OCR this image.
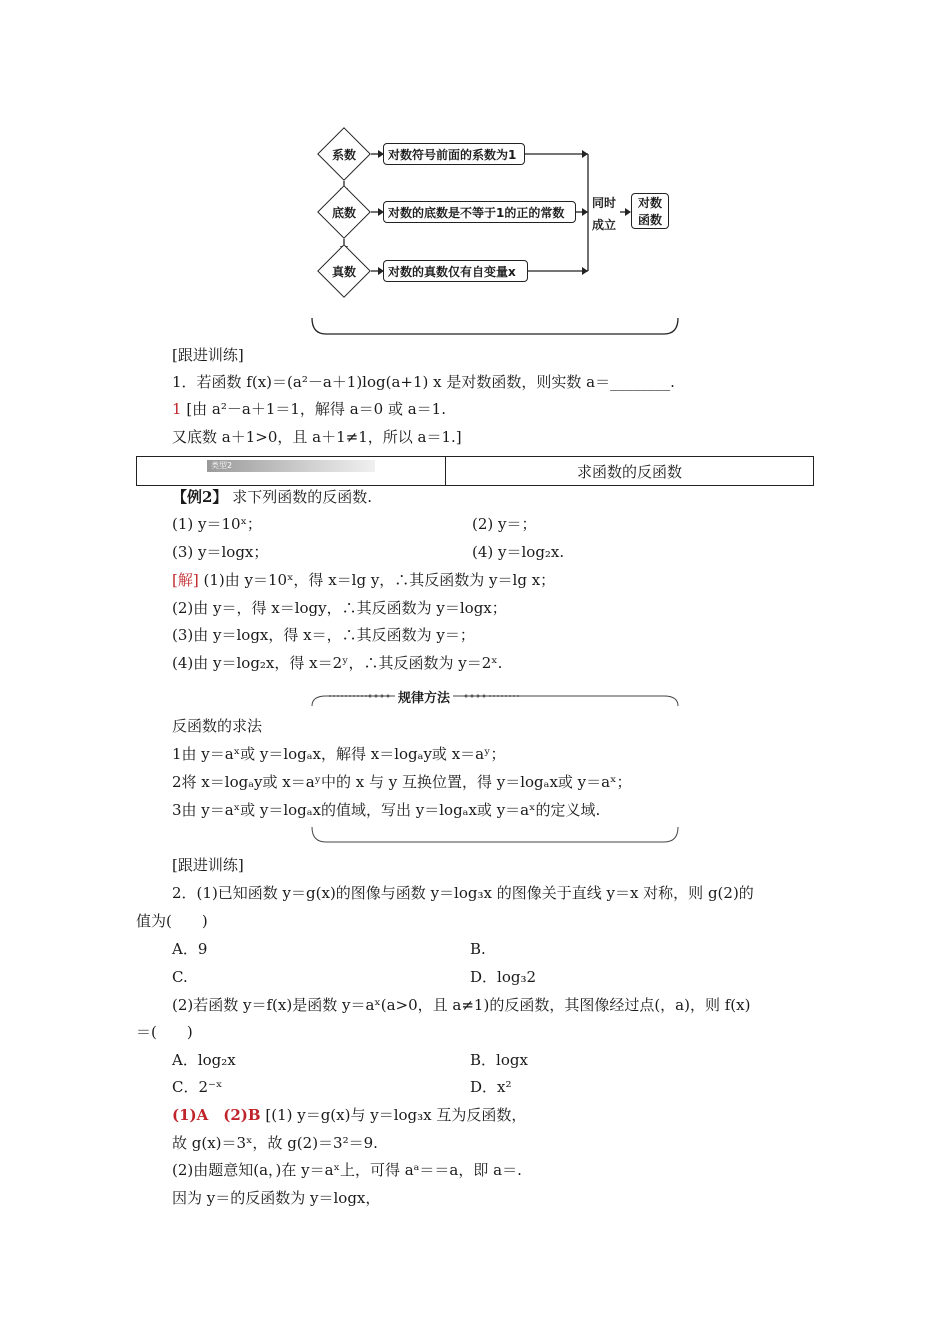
系数
底数
真数
对数符号前面的系数为1
对数的底数是不等于1的正的常数
对数的真数仅有自变量x
同时
成立
对数
函数
[跟进训练]
1．若函数 f(x)＝(a²－a＋1)log(a+1) x 是对数函数，则实数 a＝________.
1 [由 a²－a＋1＝1，解得 a＝0 或 a＝1.
又底数 a＋1>0，且 a＋1≠1，所以 a＝1.]
类型2	求函数的反函数
【例2】 求下列函数的反函数.
(1) y＝10ˣ；	(2) y＝；
(3) y＝logx；	(4) y＝log₂x.
[解] (1)由 y＝10ˣ，得 x＝lg y，∴其反函数为 y＝lg x；
(2)由 y＝，得 x＝logy，∴其反函数为 y＝logx；
(3)由 y＝logx，得 x＝，∴其反函数为 y＝；
(4)由 y＝log₂x，得 x＝2ʸ，∴其反函数为 y＝2ˣ.
规律方法
反函数的求法
1由 y＝aˣ或 y＝logₐx，解得 x＝logₐy或 x＝aʸ；
2将 x＝logₐy或 x＝aʸ中的 x 与 y 互换位置，得 y＝logₐx或 y＝aˣ；
3由 y＝aˣ或 y＝logₐx的值域，写出 y＝logₐx或 y＝aˣ的定义域.
[跟进训练]
2．(1)已知函数 y＝g(x)的图像与函数 y＝log₃x 的图像关于直线 y＝x 对称，则 g(2)的
值为(　　)
A．9	B.
C.	D．log₃2
(2)若函数 y＝f(x)是函数 y＝aˣ(a>0，且 a≠1)的反函数，其图像经过点(，a)，则 f(x)
＝(　　)
A．log₂x	B．logx
C．2⁻ˣ	D．x²
(1)A　(2)B [(1) y＝g(x)与 y＝log₃x 互为反函数，
故 g(x)＝3ˣ，故 g(2)＝3²＝9.
(2)由题意知(a，)在 y＝aˣ上，可得 aᵃ＝＝a，即 a＝.
因为 y＝的反函数为 y＝logx，
